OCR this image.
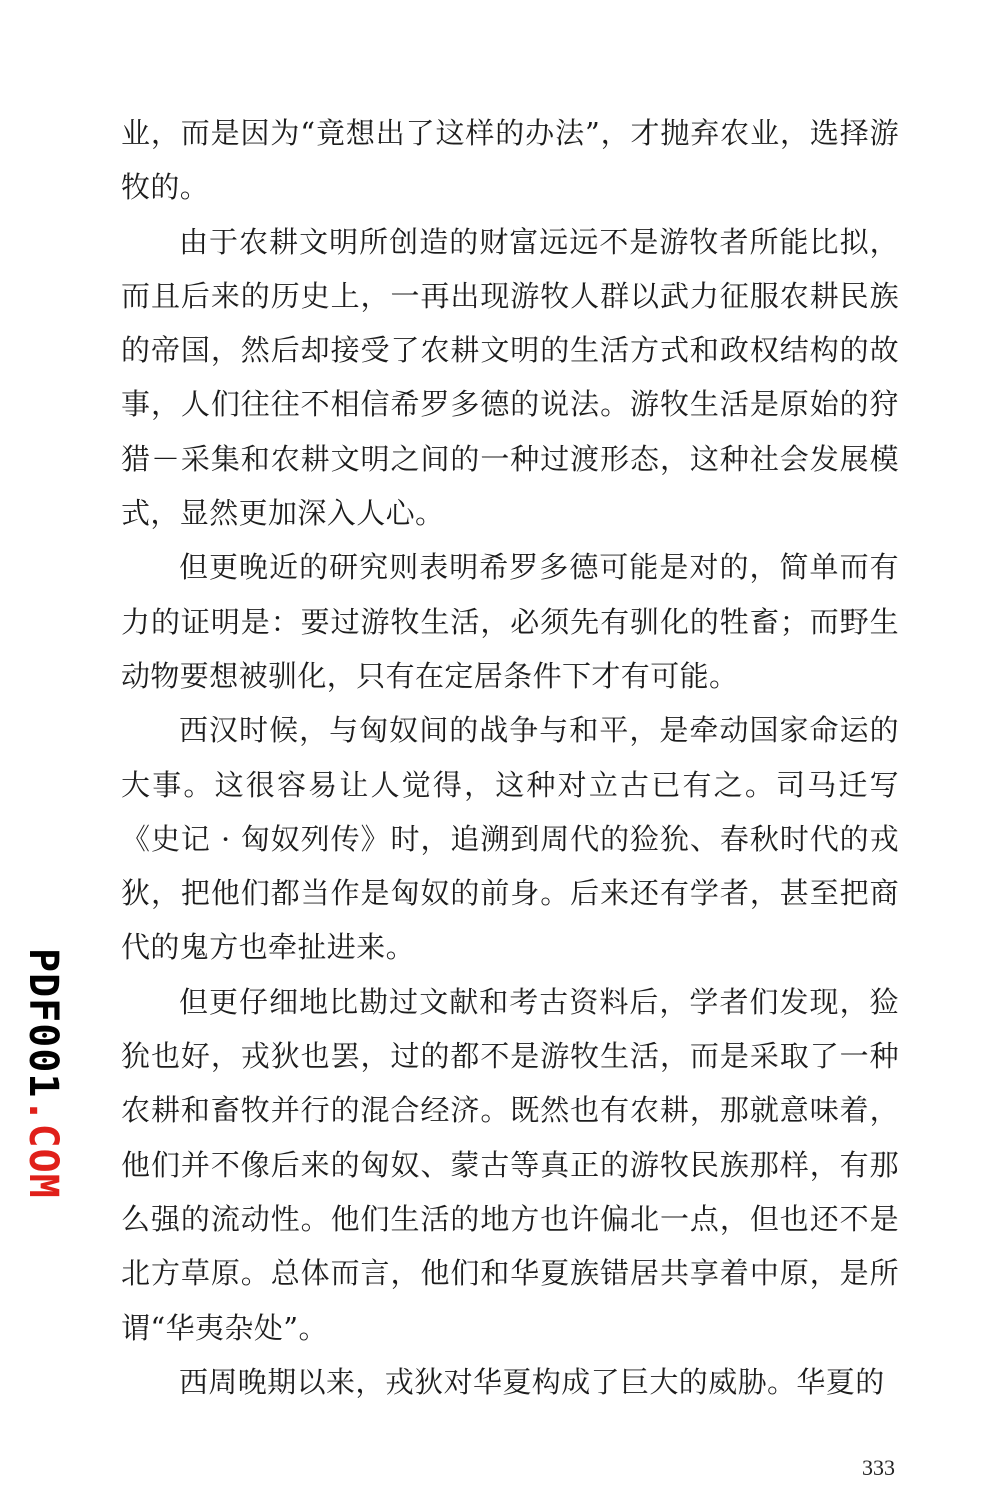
业，而是因为“竟想出了这样的办法”，才抛弃农业，选择游牧的。

由于农耕文明所创造的财富远远不是游牧者所能比拟，而且后来的历史上，一再出现游牧人群以武力征服农耕民族的帝国，然后却接受了农耕文明的生活方式和政权结构的故事，人们往往不相信希罗多德的说法。游牧生活是原始的狩猎－采集和农耕文明之间的一种过渡形态，这种社会发展模式，显然更加深入人心。

但更晚近的研究则表明希罗多德可能是对的，简单而有力的证明是：要过游牧生活，必须先有驯化的牲畜；而野生动物要想被驯化，只有在定居条件下才有可能。

西汉时候，与匈奴间的战争与和平，是牵动国家命运的大事。这很容易让人觉得，这种对立古已有之。司马迁写《史记 · 匈奴列传》时，追溯到周代的猃狁、春秋时代的戎狄，把他们都当作是匈奴的前身。后来还有学者，甚至把商代的鬼方也牵扯进来。

但更仔细地比勘过文献和考古资料后，学者们发现，猃狁也好，戎狄也罢，过的都不是游牧生活，而是采取了一种农耕和畜牧并行的混合经济。既然也有农耕，那就意味着，他们并不像后来的匈奴、蒙古等真正的游牧民族那样，有那么强的流动性。他们生活的地方也许偏北一点，但也还不是北方草原。总体而言，他们和华夏族错居共享着中原，是所谓“华夷杂处”。

西周晚期以来，戎狄对华夏构成了巨大的威胁。华夏的

PDF001.COM
333
